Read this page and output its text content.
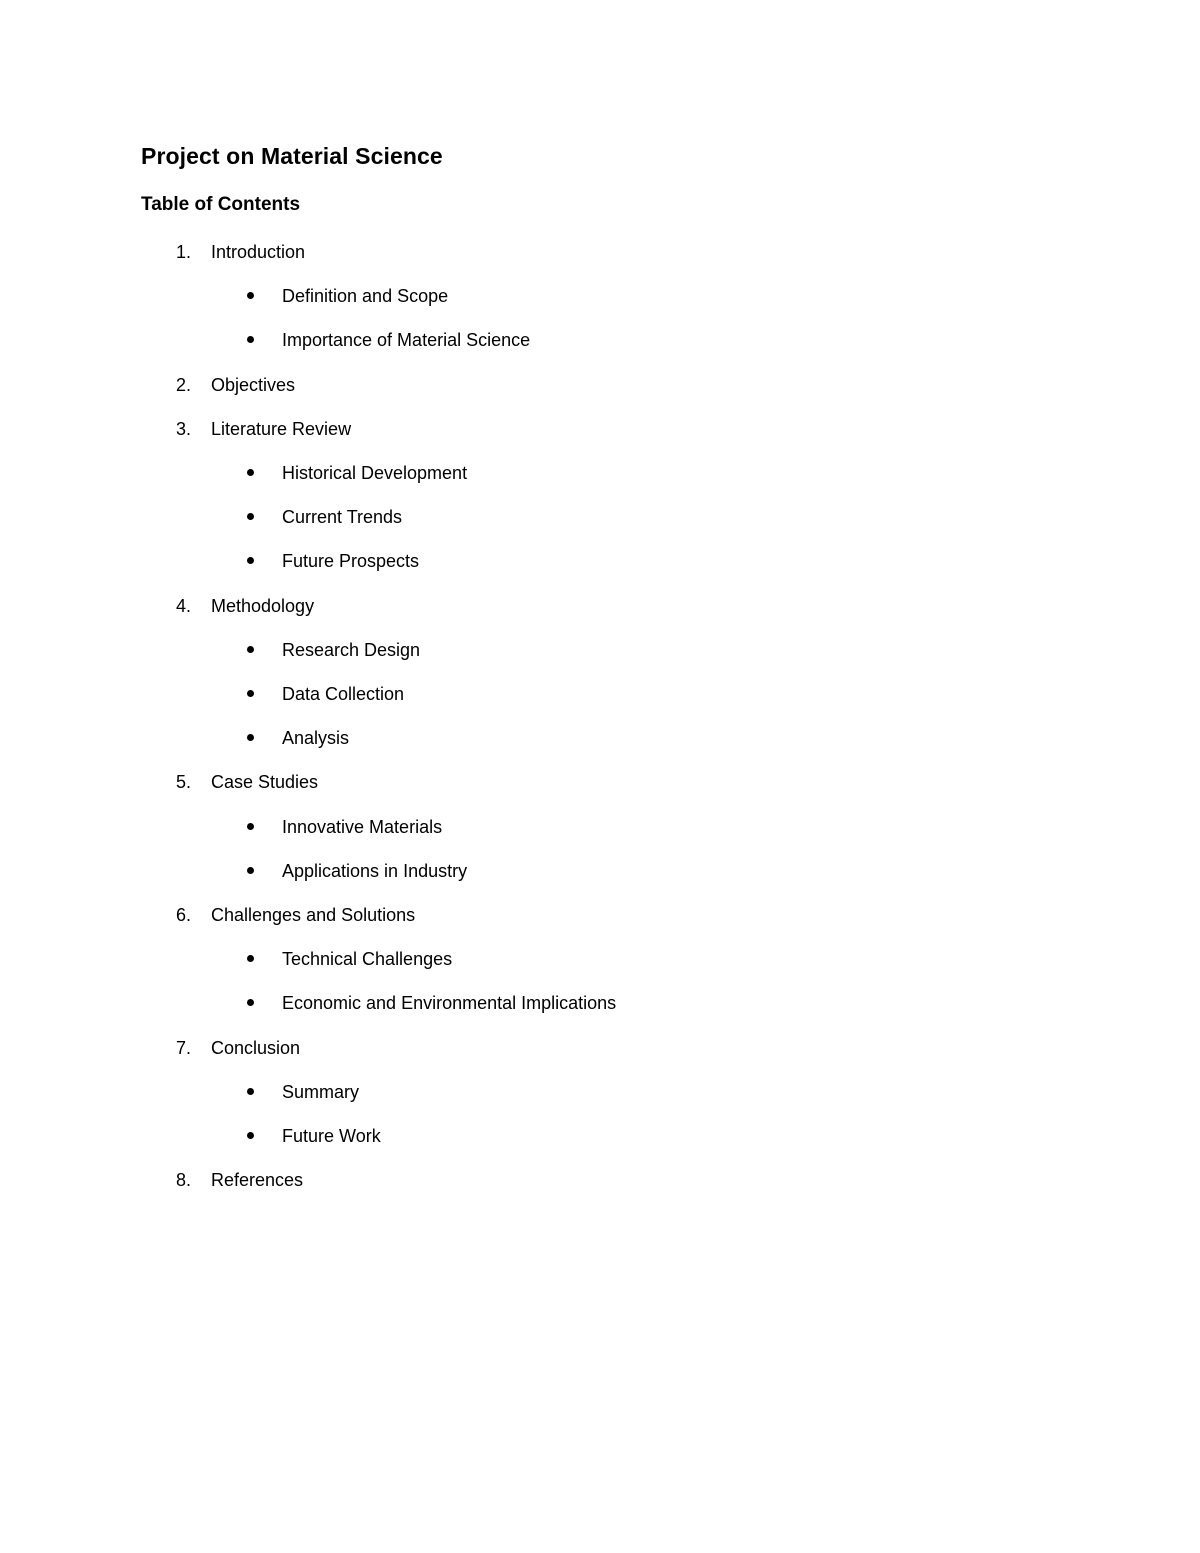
Project on Material Science
Table of Contents
1. Introduction
Definition and Scope
Importance of Material Science
2. Objectives
3. Literature Review
Historical Development
Current Trends
Future Prospects
4. Methodology
Research Design
Data Collection
Analysis
5. Case Studies
Innovative Materials
Applications in Industry
6. Challenges and Solutions
Technical Challenges
Economic and Environmental Implications
7. Conclusion
Summary
Future Work
8. References
